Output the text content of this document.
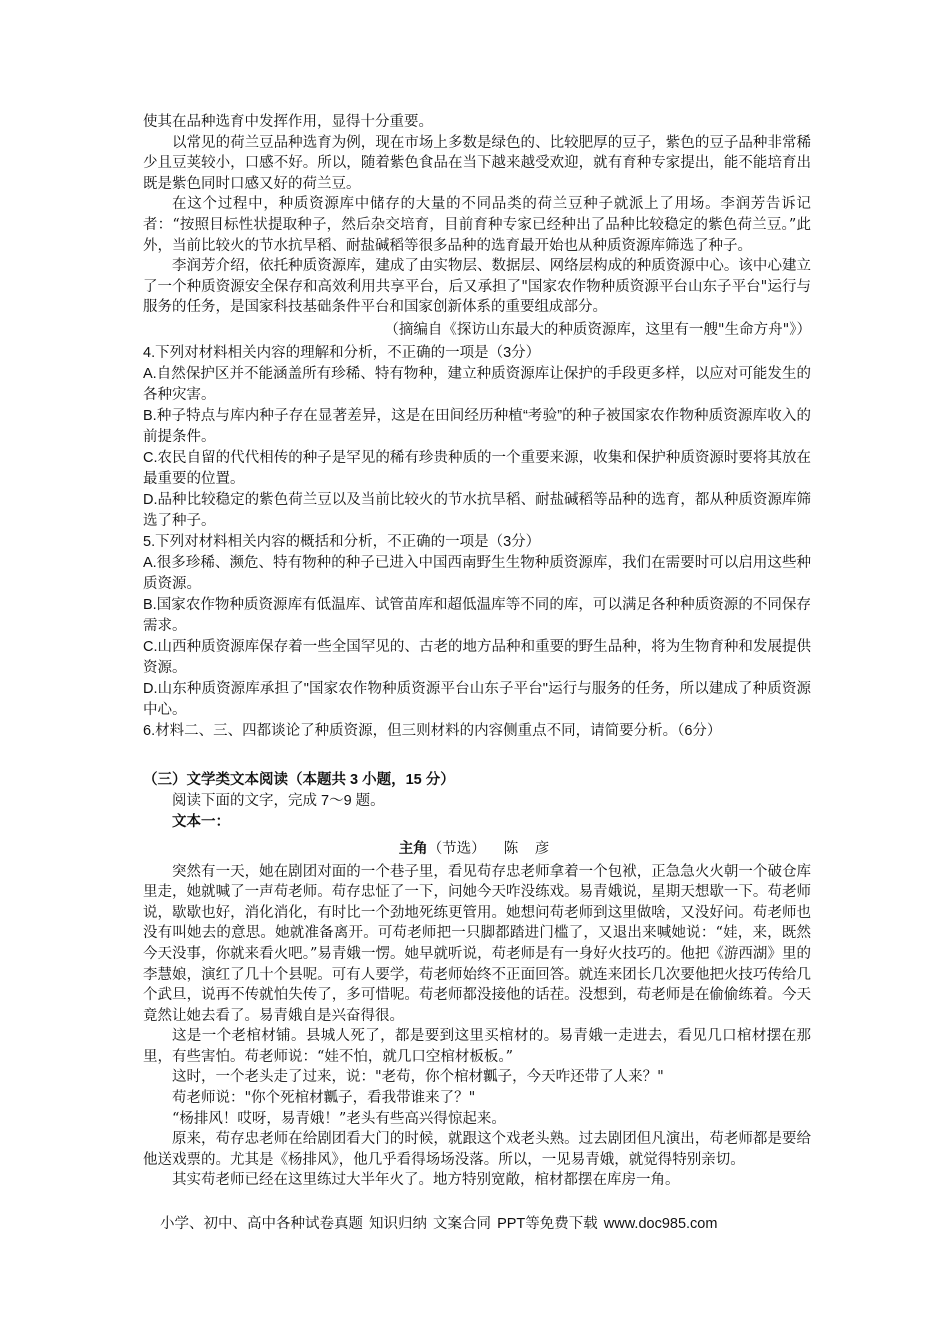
使其在品种选育中发挥作用，显得十分重要。

以常见的荷兰豆品种选育为例，现在市场上多数是绿色的、比较肥厚的豆子，紫色的豆子品种非常稀少且豆荚较小，口感不好。所以，随着紫色食品在当下越来越受欢迎，就有育种专家提出，能不能培育出既是紫色同时口感又好的荷兰豆。

在这个过程中，种质资源库中储存的大量的不同品类的荷兰豆种子就派上了用场。李润芳告诉记者：“按照目标性状提取种子，然后杂交培育，目前育种专家已经种出了品种比较稳定的紫色荷兰豆。”此外，当前比较火的节水抗旱稻、耐盐碱稻等很多品种的选育最开始也从种质资源库筛选了种子。

李润芳介绍，依托种质资源库，建成了由实物层、数据层、网络层构成的种质资源中心。该中心建立了一个种质资源安全保存和高效利用共享平台，后又承担了"国家农作物种质资源平台山东子平台"运行与服务的任务，是国家科技基础条件平台和国家创新体系的重要组成部分。

（摘编自《探访山东最大的种质资源库，这里有一艘"生命方舟"》）

4.下列对材料相关内容的理解和分析，不正确的一项是（3分）

A.自然保护区并不能涵盖所有珍稀、特有物种，建立种质资源库让保护的手段更多样，以应对可能发生的各种灾害。

B.种子特点与库内种子存在显著差异，这是在田间经历种植“考验”的种子被国家农作物种质资源库收入的前提条件。

C.农民自留的代代相传的种子是罕见的稀有珍贵种质的一个重要来源，收集和保护种质资源时要将其放在最重要的位置。

D.品种比较稳定的紫色荷兰豆以及当前比较火的节水抗旱稻、耐盐碱稻等品种的选育，都从种质资源库筛选了种子。

5.下列对材料相关内容的概括和分析，不正确的一项是（3分）

A.很多珍稀、濒危、特有物种的种子已进入中国西南野生生物种质资源库，我们在需要时可以启用这些种质资源。

B.国家农作物种质资源库有低温库、试管苗库和超低温库等不同的库，可以满足各种种质资源的不同保存需求。

C.山西种质资源库保存着一些全国罕见的、古老的地方品种和重要的野生品种，将为生物育种和发展提供资源。

D.山东种质资源库承担了"国家农作物种质资源平台山东子平台"运行与服务的任务，所以建成了种质资源中心。

6.材料二、三、四都谈论了种质资源，但三则材料的内容侧重点不同，请简要分析。（6分）

（三）文学类文本阅读（本题共 3 小题，15 分）

阅读下面的文字，完成 7～9 题。

文本一：

主角（节选） 陈 彦

突然有一天，她在剧团对面的一个巷子里，看见苟存忠老师拿着一个包袱，正急急火火朝一个破仓库里走，她就喊了一声苟老师。苟存忠怔了一下，问她今天咋没练戏。易青娥说，星期天想歇一下。苟老师说，歇歇也好，消化消化，有时比一个劲地死练更管用。她想问苟老师到这里做啥，又没好问。苟老师也没有叫她去的意思。她就准备离开。可苟老师把一只脚都踏进门槛了，又退出来喊她说：“娃，来，既然今天没事，你就来看火吧。”易青娥一愣。她早就听说，苟老师是有一身好火技巧的。他把《游西湖》里的李慧娘，演红了几十个县呢。可有人要学，苟老师始终不正面回答。就连来团长几次要他把火技巧传给几个武旦，说再不传就怕失传了，多可惜呢。苟老师都没接他的话茬。没想到，苟老师是在偷偷练着。今天竟然让她去看了。易青娥自是兴奋得很。

这是一个老棺材铺。县城人死了，都是要到这里买棺材的。易青娥一走进去，看见几口棺材摆在那里，有些害怕。苟老师说：“娃不怕，就几口空棺材板板。”

这时，一个老头走了过来，说："老苟，你个棺材瓤子，今天咋还带了人来？"

苟老师说："你个死棺材瓤子，看我带谁来了？"

“杨排风！哎呀，易青娥！”老头有些高兴得惊起来。

原来，苟存忠老师在给剧团看大门的时候，就跟这个戏老头熟。过去剧团但凡演出，苟老师都是要给他送戏票的。尤其是《杨排风》，他几乎看得场场没落。所以，一见易青娥，就觉得特别亲切。

其实苟老师已经在这里练过大半年火了。地方特别宽敞，棺材都摆在库房一角。

小学、初中、高中各种试卷真题 知识归纳 文案合同 PPT等免费下载 www.doc985.com
